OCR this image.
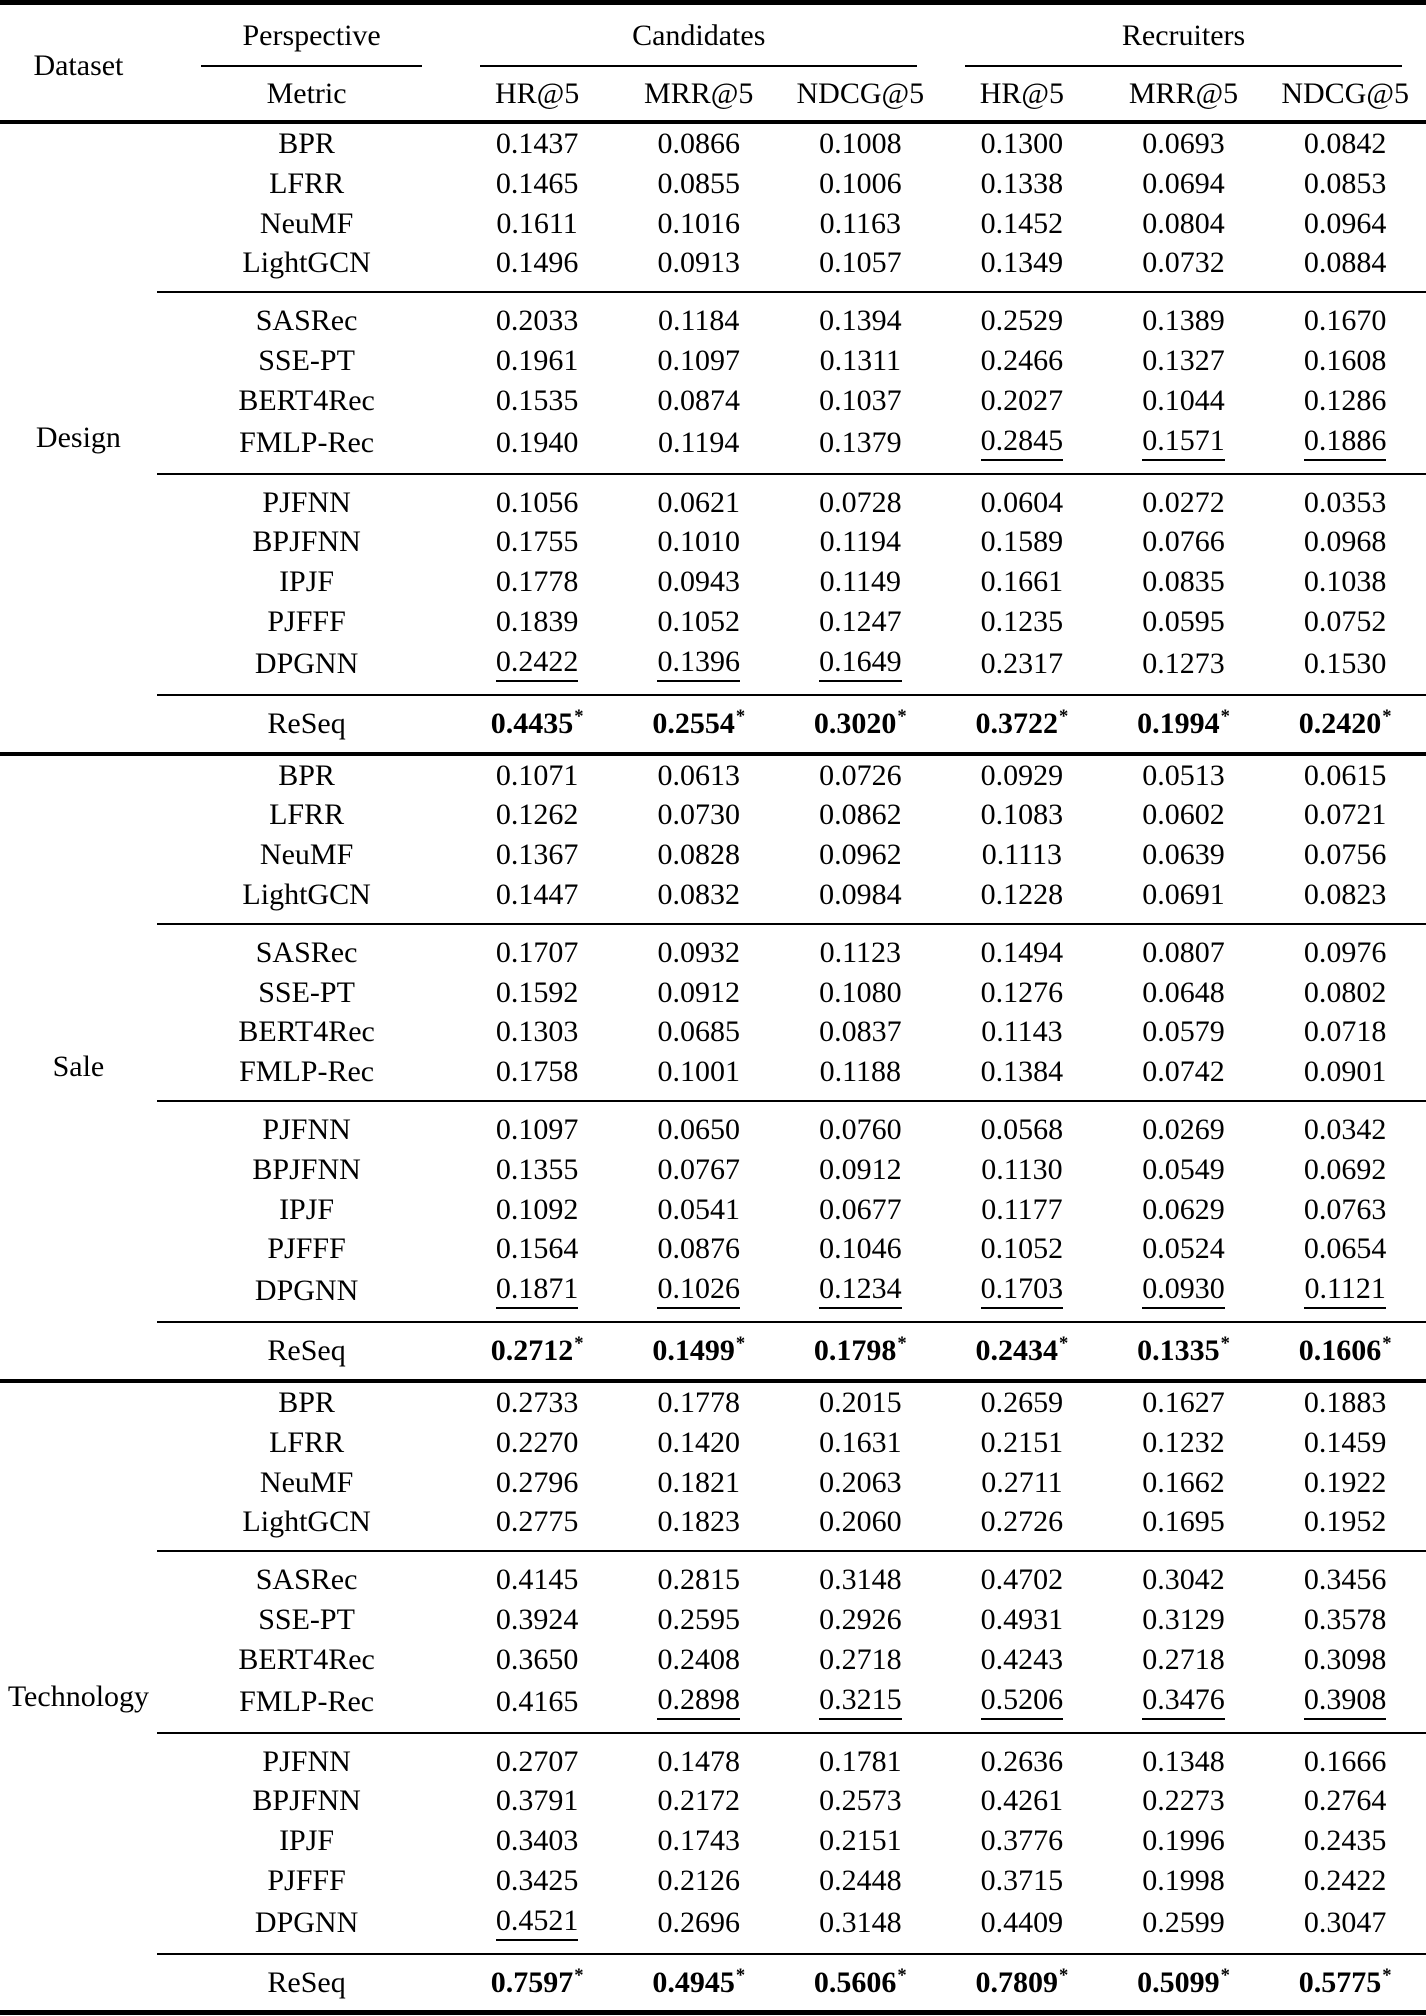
Dataset	Perspective	Candidates			Recruiters		

	Metric	HR@5	MRR@5	NDCG@5	HR@5	MRR@5	NDCG@5
Design	BPR	0.1437	0.0866	0.1008	0.1300	0.0693	0.0842
	LFRR	0.1465	0.0855	0.1006	0.1338	0.0694	0.0853
	NeuMF	0.1611	0.1016	0.1163	0.1452	0.0804	0.0964
	LightGCN	0.1496	0.0913	0.1057	0.1349	0.0732	0.0884
	SASRec	0.2033	0.1184	0.1394	0.2529	0.1389	0.1670
	SSE-PT	0.1961	0.1097	0.1311	0.2466	0.1327	0.1608
	BERT4Rec	0.1535	0.0874	0.1037	0.2027	0.1044	0.1286
	FMLP-Rec	0.1940	0.1194	0.1379	0.2845	0.1571	0.1886
	PJFNN	0.1056	0.0621	0.0728	0.0604	0.0272	0.0353
	BPJFNN	0.1755	0.1010	0.1194	0.1589	0.0766	0.0968
	IPJF	0.1778	0.0943	0.1149	0.1661	0.0835	0.1038
	PJFFF	0.1839	0.1052	0.1247	0.1235	0.0595	0.0752
	DPGNN	0.2422	0.1396	0.1649	0.2317	0.1273	0.1530
	ReSeq	0.4435*	0.2554*	0.3020*	0.3722*	0.1994*	0.2420*
Sale	BPR	0.1071	0.0613	0.0726	0.0929	0.0513	0.0615
	LFRR	0.1262	0.0730	0.0862	0.1083	0.0602	0.0721
	NeuMF	0.1367	0.0828	0.0962	0.1113	0.0639	0.0756
	LightGCN	0.1447	0.0832	0.0984	0.1228	0.0691	0.0823
	SASRec	0.1707	0.0932	0.1123	0.1494	0.0807	0.0976
	SSE-PT	0.1592	0.0912	0.1080	0.1276	0.0648	0.0802
	BERT4Rec	0.1303	0.0685	0.0837	0.1143	0.0579	0.0718
	FMLP-Rec	0.1758	0.1001	0.1188	0.1384	0.0742	0.0901
	PJFNN	0.1097	0.0650	0.0760	0.0568	0.0269	0.0342
	BPJFNN	0.1355	0.0767	0.0912	0.1130	0.0549	0.0692
	IPJF	0.1092	0.0541	0.0677	0.1177	0.0629	0.0763
	PJFFF	0.1564	0.0876	0.1046	0.1052	0.0524	0.0654
	DPGNN	0.1871	0.1026	0.1234	0.1703	0.0930	0.1121
	ReSeq	0.2712*	0.1499*	0.1798*	0.2434*	0.1335*	0.1606*
Technology	BPR	0.2733	0.1778	0.2015	0.2659	0.1627	0.1883
	LFRR	0.2270	0.1420	0.1631	0.2151	0.1232	0.1459
	NeuMF	0.2796	0.1821	0.2063	0.2711	0.1662	0.1922
	LightGCN	0.2775	0.1823	0.2060	0.2726	0.1695	0.1952
	SASRec	0.4145	0.2815	0.3148	0.4702	0.3042	0.3456
	SSE-PT	0.3924	0.2595	0.2926	0.4931	0.3129	0.3578
	BERT4Rec	0.3650	0.2408	0.2718	0.4243	0.2718	0.3098
	FMLP-Rec	0.4165	0.2898	0.3215	0.5206	0.3476	0.3908
	PJFNN	0.2707	0.1478	0.1781	0.2636	0.1348	0.1666
	BPJFNN	0.3791	0.2172	0.2573	0.4261	0.2273	0.2764
	IPJF	0.3403	0.1743	0.2151	0.3776	0.1996	0.2435
	PJFFF	0.3425	0.2126	0.2448	0.3715	0.1998	0.2422
	DPGNN	0.4521	0.2696	0.3148	0.4409	0.2599	0.3047
	ReSeq	0.7597*	0.4945*	0.5606*	0.7809*	0.5099*	0.5775*
